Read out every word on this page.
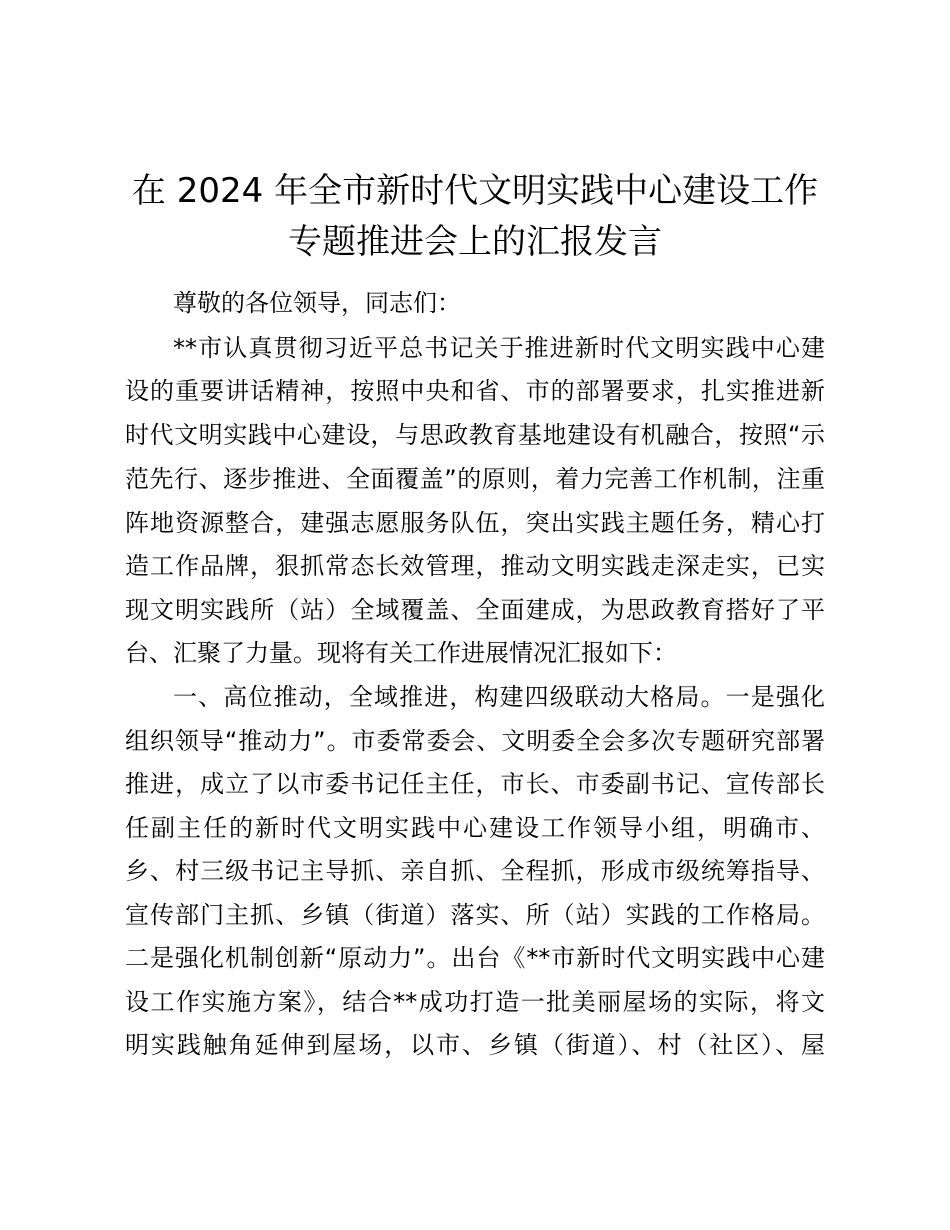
在 2024 年全市新时代文明实践中心建设工作
专题推进会上的汇报发言

尊敬的各位领导，同志们：

**市认真贯彻习近平总书记关于推进新时代文明实践中心建

设的重要讲话精神，按照中央和省、市的部署要求，扎实推进新

时代文明实践中心建设，与思政教育基地建设有机融合，按照“示

范先行、逐步推进、全面覆盖”的原则，着力完善工作机制，注重

阵地资源整合，建强志愿服务队伍，突出实践主题任务，精心打

造工作品牌，狠抓常态长效管理，推动文明实践走深走实，已实

现文明实践所（站）全域覆盖、全面建成，为思政教育搭好了平

台、汇聚了力量。现将有关工作进展情况汇报如下：

一、高位推动，全域推进，构建四级联动大格局。一是强化

组织领导“推动力”。市委常委会、文明委全会多次专题研究部署

推进，成立了以市委书记任主任，市长、市委副书记、宣传部长

任副主任的新时代文明实践中心建设工作领导小组，明确市、

乡、村三级书记主导抓、亲自抓、全程抓，形成市级统筹指导、

宣传部门主抓、乡镇（街道）落实、所（站）实践的工作格局。

二是强化机制创新“原动力”。出台《**市新时代文明实践中心建

设工作实施方案》，结合**成功打造一批美丽屋场的实际，将文

明实践触角延伸到屋场，以市、乡镇（街道）、村（社区）、屋
